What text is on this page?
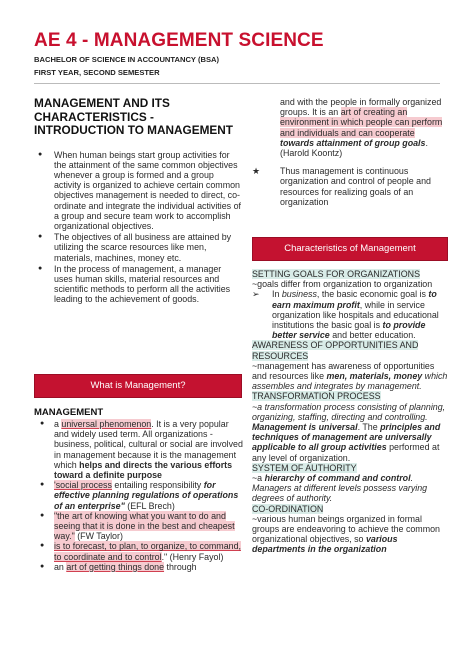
AE 4 - MANAGEMENT SCIENCE
BACHELOR OF SCIENCE IN ACCOUNTANCY (BSA)
FIRST YEAR, SECOND SEMESTER
MANAGEMENT AND ITS
CHARACTERISTICS -
INTRODUCTION TO MANAGEMENT
● When human beings start group activities for the attainment of the same common objectives whenever a group is formed and a group activity is organized to achieve certain common objectives management is needed to direct, co-ordinate and integrate the individual activities of a group and secure team work to accomplish organizational objectives.
● The objectives of all business are attained by utilizing the scarce resources like men, materials, machines, money etc.
● In the process of management, a manager uses human skills, material resources and scientific methods to perform all the activities leading to the achievement of goods.
What is Management?
MANAGEMENT
● a universal phenomenon. It is a very popular and widely used term. All organizations - business, political, cultural or social are involved in management because it is the management which helps and directs the various efforts toward a definite purpose
● 'social process entailing responsibility for effective planning regulations of operations of an enterprise" (EFL Brech)
● "the art of knowing what you want to do and seeing that it is done in the best and cheapest way." (FW Taylor)
● is to forecast, to plan, to organize, to command, to coordinate and to control." (Henry Fayol)
● an art of getting things done through
and with the people in formally organized groups. It is an art of creating an environment in which people can perform and individuals and can cooperate towards attainment of group goals. (Harold Koontz)
★ Thus management is continuous organization and control of people and resources for realizing goals of an organization
Characteristics of Management
SETTING GOALS FOR ORGANIZATIONS
~goals differ from organization to organization
➢ In business, the basic economic goal is to earn maximum profit, while in service organization like hospitals and educational institutions the basic goal is to provide better service and better education.
AWARENESS OF OPPORTUNITIES AND RESOURCES
~management has awareness of opportunities and resources like men, materials, money which assembles and integrates by management.
TRANSFORMATION PROCESS
~a transformation process consisting of planning, organizing, staffing, directing and controlling. Management is universal. The principles and techniques of management are universally applicable to all group activities performed at any level of organization.
SYSTEM OF AUTHORITY
~a hierarchy of command and control. Managers at different levels possess varying degrees of authority.
CO-ORDINATION
~various human beings organized in formal groups are endeavoring to achieve the common organizational objectives, so various departments in the organization
